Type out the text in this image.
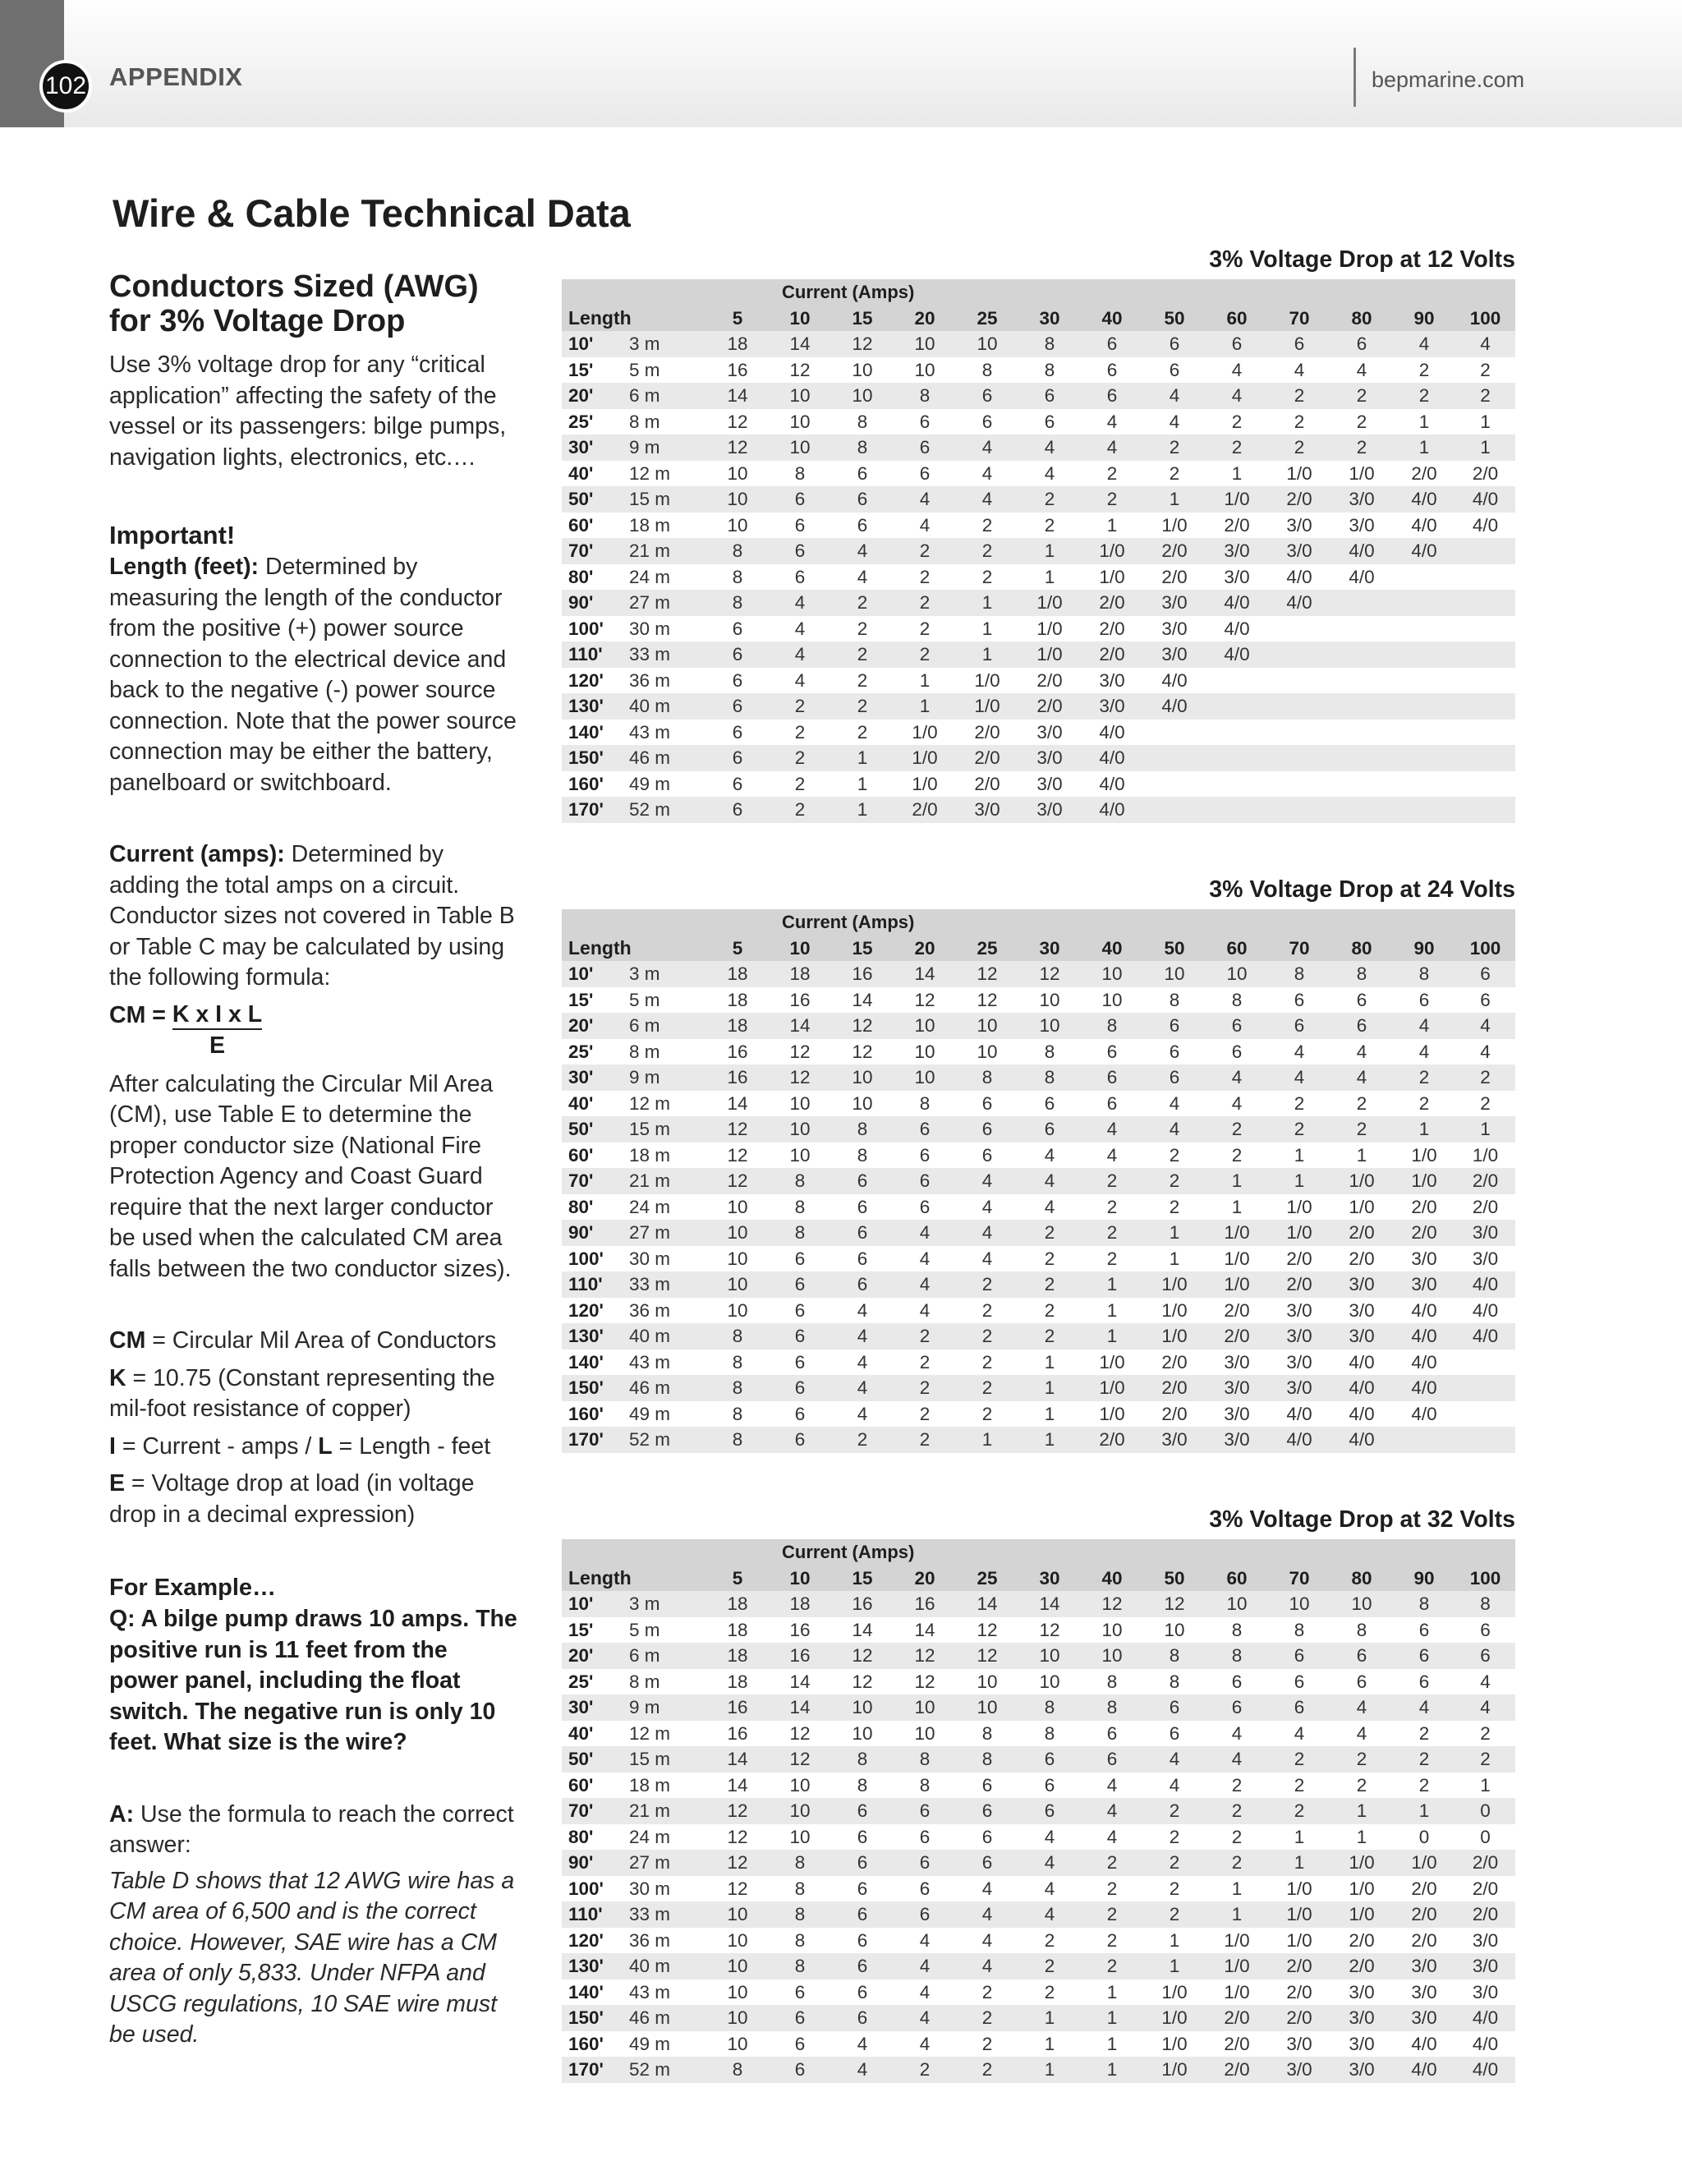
102 APPENDIX	bepmarine.com
Wire & Cable Technical Data
Conductors Sized (AWG) for 3% Voltage Drop

Use 3% voltage drop for any “critical application” affecting the safety of the vessel or its passengers: bilge pumps, navigation lights, electronics, etc.…

Important!

Length (feet): Determined by measuring the length of the conductor from the positive (+) power source connection to the electrical device and back to the negative (-) power source connection. Note that the power source connection may be either the battery, panelboard or switchboard.

Current (amps): Determined by adding the total amps on a circuit. Conductor sizes not covered in Table B or Table C may be calculated by using the following formula:

CM = $\frac{\text{K x I x L}}{E}$

After calculating the Circular Mil Area (CM), use Table E to determine the proper conductor size (National Fire Protection Agency and Coast Guard require that the next larger conductor be used when the calculated CM area falls between the two conductor sizes).

CM = Circular Mil Area of Conductors

K = 10.75 (Constant representing the mil-foot resistance of copper)

I = Current - amps / L = Length - feet

E = Voltage drop at load (in voltage drop in a decimal expression)

For Example…

Q: A bilge pump draws 10 amps. The positive run is 11 feet from the power panel, including the float switch. The negative run is only 10 feet. What size is the wire?

A: Use the formula to reach the correct answer:

Table D shows that 12 AWG wire has a CM area of 6,500 and is the correct choice. However, SAE wire has a CM area of only 5,833. Under NFPA and USCG regulations, 10 SAE wire must be used.

3% Voltage Drop at 12 Volts
		Current (Amps)												
Length		5	10	15	20	25	30	40	50	60	70	80	90	100
10'	3 m	18	14	12	10	10	8	6	6	6	6	6	4	4
15'	5 m	16	12	10	10	8	8	6	6	4	4	4	2	2
20'	6 m	14	10	10	8	6	6	6	4	4	2	2	2	2
25'	8 m	12	10	8	6	6	6	4	4	2	2	2	1	1
30'	9 m	12	10	8	6	4	4	4	2	2	2	2	1	1
40'	12 m	10	8	6	6	4	4	2	2	1	1/0	1/0	2/0	2/0
50'	15 m	10	6	6	4	4	2	2	1	1/0	2/0	3/0	4/0	4/0
60'	18 m	10	6	6	4	2	2	1	1/0	2/0	3/0	3/0	4/0	4/0
70'	21 m	8	6	4	2	2	1	1/0	2/0	3/0	3/0	4/0	4/0	
80'	24 m	8	6	4	2	2	1	1/0	2/0	3/0	4/0	4/0		
90'	27 m	8	4	2	2	1	1/0	2/0	3/0	4/0	4/0			
100'	30 m	6	4	2	2	1	1/0	2/0	3/0	4/0				
110'	33 m	6	4	2	2	1	1/0	2/0	3/0	4/0				
120'	36 m	6	4	2	1	1/0	2/0	3/0	4/0					
130'	40 m	6	2	2	1	1/0	2/0	3/0	4/0					
140'	43 m	6	2	2	1/0	2/0	3/0	4/0						
150'	46 m	6	2	1	1/0	2/0	3/0	4/0						
160'	49 m	6	2	1	1/0	2/0	3/0	4/0						
170'	52 m	6	2	1	2/0	3/0	3/0	4/0						
3% Voltage Drop at 24 Volts
		Current (Amps)												
Length		5	10	15	20	25	30	40	50	60	70	80	90	100
10'	3 m	18	18	16	14	12	12	10	10	10	8	8	8	6
15'	5 m	18	16	14	12	12	10	10	8	8	6	6	6	6
20'	6 m	18	14	12	10	10	10	8	6	6	6	6	4	4
25'	8 m	16	12	12	10	10	8	6	6	6	4	4	4	4
30'	9 m	16	12	10	10	8	8	6	6	4	4	4	2	2
40'	12 m	14	10	10	8	6	6	6	4	4	2	2	2	2
50'	15 m	12	10	8	6	6	6	4	4	2	2	2	1	1
60'	18 m	12	10	8	6	6	4	4	2	2	1	1	1/0	1/0
70'	21 m	12	8	6	6	4	4	2	2	1	1	1/0	1/0	2/0
80'	24 m	10	8	6	6	4	4	2	2	1	1/0	1/0	2/0	2/0
90'	27 m	10	8	6	4	4	2	2	1	1/0	1/0	2/0	2/0	3/0
100'	30 m	10	6	6	4	4	2	2	1	1/0	2/0	2/0	3/0	3/0
110'	33 m	10	6	6	4	2	2	1	1/0	1/0	2/0	3/0	3/0	4/0
120'	36 m	10	6	4	4	2	2	1	1/0	2/0	3/0	3/0	4/0	4/0
130'	40 m	8	6	4	2	2	2	1	1/0	2/0	3/0	3/0	4/0	4/0
140'	43 m	8	6	4	2	2	1	1/0	2/0	3/0	3/0	4/0	4/0	
150'	46 m	8	6	4	2	2	1	1/0	2/0	3/0	3/0	4/0	4/0	
160'	49 m	8	6	4	2	2	1	1/0	2/0	3/0	4/0	4/0	4/0	
170'	52 m	8	6	2	2	1	1	2/0	3/0	3/0	4/0	4/0		
3% Voltage Drop at 32 Volts
		Current (Amps)												
Length		5	10	15	20	25	30	40	50	60	70	80	90	100
10'	3 m	18	18	16	16	14	14	12	12	10	10	10	8	8
15'	5 m	18	16	14	14	12	12	10	10	8	8	8	6	6
20'	6 m	18	16	12	12	12	10	10	8	8	6	6	6	6
25'	8 m	18	14	12	12	10	10	8	8	6	6	6	6	4
30'	9 m	16	14	10	10	10	8	8	6	6	6	4	4	4
40'	12 m	16	12	10	10	8	8	6	6	4	4	4	2	2
50'	15 m	14	12	8	8	8	6	6	4	4	2	2	2	2
60'	18 m	14	10	8	8	6	6	4	4	2	2	2	2	1
70'	21 m	12	10	6	6	6	6	4	2	2	2	1	1	0
80'	24 m	12	10	6	6	6	4	4	2	2	1	1	0	0
90'	27 m	12	8	6	6	6	4	2	2	2	1	1/0	1/0	2/0
100'	30 m	12	8	6	6	4	4	2	2	1	1/0	1/0	2/0	2/0
110'	33 m	10	8	6	6	4	4	2	2	1	1/0	1/0	2/0	2/0
120'	36 m	10	8	6	4	4	2	2	1	1/0	1/0	2/0	2/0	3/0
130'	40 m	10	8	6	4	4	2	2	1	1/0	2/0	2/0	3/0	3/0
140'	43 m	10	6	6	4	2	2	1	1/0	1/0	2/0	3/0	3/0	3/0
150'	46 m	10	6	6	4	2	1	1	1/0	2/0	2/0	3/0	3/0	4/0
160'	49 m	10	6	4	4	2	1	1	1/0	2/0	3/0	3/0	4/0	4/0
170'	52 m	8	6	4	2	2	1	1	1/0	2/0	3/0	3/0	4/0	4/0
